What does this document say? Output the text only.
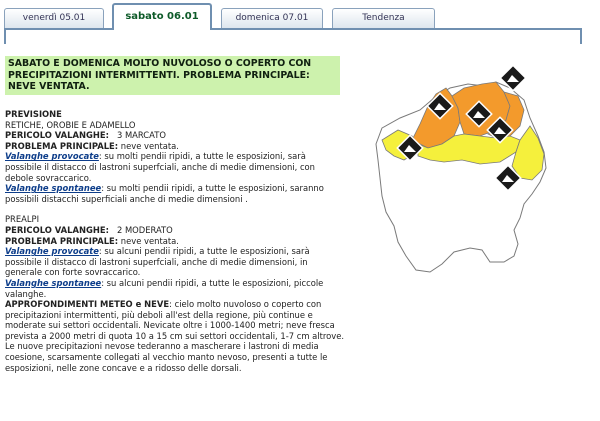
venerdì 05.01	sabato 06.01	domenica 07.01	Tendenza
SABATO E DOMENICA MOLTO NUVOLOSO O COPERTO CON PRECIPITAZIONI INTERMITTENTI. PROBLEMA PRINCIPALE: NEVE VENTATA.

PREVISIONE

RETICHE, OROBIE E ADAMELLO

PERICOLO VALANGHE: 3 MARCATO

PROBLEMA PRINCIPALE: neve ventata.

Valanghe provocate: su molti pendii ripidi, a tutte le esposizioni, sarà possibile il distacco di lastroni superfciali, anche di medie dimensioni, con debole sovraccarico.

Valanghe spontanee: su molti pendii ripidi, a tutte le esposizioni, saranno possibili distacchi superficiali anche di medie dimensioni .

PREALPI

PERICOLO VALANGHE: 2 MODERATO

PROBLEMA PRINCIPALE: neve ventata.

Valanghe provocate: su alcuni pendii ripidi, a tutte le esposizioni, sarà possibile il distacco di lastroni superfciali, anche di medie dimensioni, in generale con forte sovraccarico.

Valanghe spontanee: su alcuni pendii ripidi, a tutte le esposizioni, piccole valanghe.

APPROFONDIMENTI METEO e NEVE: cielo molto nuvoloso o coperto con precipitazioni intermittenti, più deboli all'est della regione, più continue e moderate sui settori occidentali. Nevicate oltre i 1000-1400 metri; neve fresca prevista a 2000 metri di quota 10 a 15 cm sui settori occidentali, 1-7 cm altrove. Le nuove precipitazioni nevose tederanno a mascherare i lastroni di media coesione, scarsamente collegati al vecchio manto nevoso, presenti a tutte le esposizioni, nelle zone concave e a ridosso delle dorsali.
